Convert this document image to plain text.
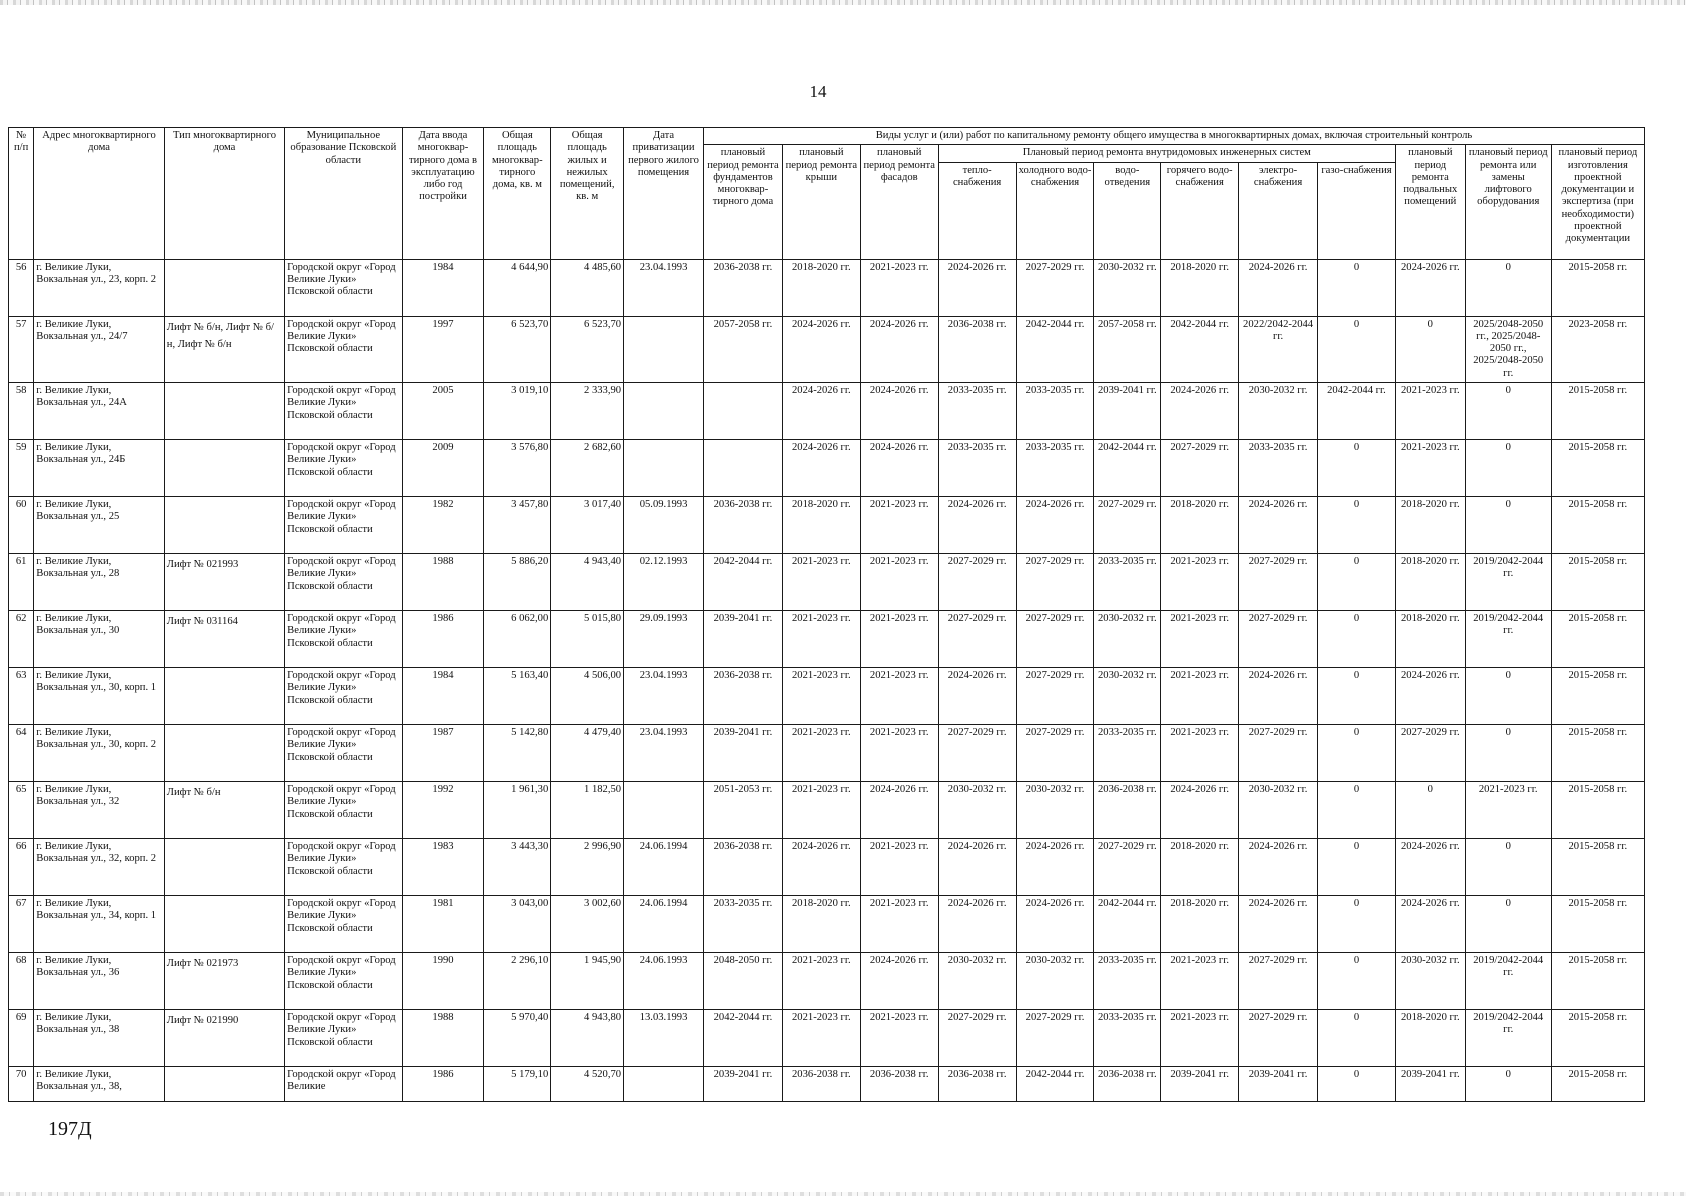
14
№ п/п	Адрес многоквартирного дома	Тип многоквартирного дома	Муниципальное образование Псковской области	Дата ввода многоквар-тирного дома в эксплуатацию либо год постройки	Общая площадь многоквар-тирного дома, кв. м	Общая площадь жилых и нежилых помещений, кв. м	Дата приватизации первого жилого помещения	Виды услуг и (или) работ по капитальному ремонту общего имущества в многоквартирных домах, включая строительный контроль											
								плановый период ремонта фундаментов многоквар-тирного дома	плановый период ремонта крыши	плановый период ремонта фасадов	Плановый период ремонта внутридомовых инженерных систем						плановый период ремонта подвальных помещений	плановый период ремонта или замены лифтового оборудования	плановый период изготовления проектной документации и экспертиза (при необходимости) проектной документации
											тепло-снабжения	холодного водо-снабжения	водо-отведения	горячего водо-снабжения	электро-снабжения	газо-снабжения			
56	г. Великие Луки, Вокзальная ул., 23, корп. 2		Городской округ «Город Великие Луки» Псковской области	1984	4 644,90	4 485,60	23.04.1993	2036-2038 гг.	2018-2020 гг.	2021-2023 гг.	2024-2026 гг.	2027-2029 гг.	2030-2032 гг.	2018-2020 гг.	2024-2026 гг.	0	2024-2026 гг.	0	2015-2058 гг.
57	г. Великие Луки, Вокзальная ул., 24/7	Лифт № б/н, Лифт № б/н, Лифт № б/н	Городской округ «Город Великие Луки» Псковской области	1997	6 523,70	6 523,70		2057-2058 гг.	2024-2026 гг.	2024-2026 гг.	2036-2038 гг.	2042-2044 гг.	2057-2058 гг.	2042-2044 гг.	2022/2042-2044 гг.	0	0	2025/2048-2050 гг., 2025/2048-2050 гг., 2025/2048-2050 гг.	2023-2058 гг.
58	г. Великие Луки, Вокзальная ул., 24А		Городской округ «Город Великие Луки» Псковской области	2005	3 019,10	2 333,90			2024-2026 гг.	2024-2026 гг.	2033-2035 гг.	2033-2035 гг.	2039-2041 гг.	2024-2026 гг.	2030-2032 гг.	2042-2044 гг.	2021-2023 гг.	0	2015-2058 гг.
59	г. Великие Луки, Вокзальная ул., 24Б		Городской округ «Город Великие Луки» Псковской области	2009	3 576,80	2 682,60			2024-2026 гг.	2024-2026 гг.	2033-2035 гг.	2033-2035 гг.	2042-2044 гг.	2027-2029 гг.	2033-2035 гг.	0	2021-2023 гг.	0	2015-2058 гг.
60	г. Великие Луки, Вокзальная ул., 25		Городской округ «Город Великие Луки» Псковской области	1982	3 457,80	3 017,40	05.09.1993	2036-2038 гг.	2018-2020 гг.	2021-2023 гг.	2024-2026 гг.	2024-2026 гг.	2027-2029 гг.	2018-2020 гг.	2024-2026 гг.	0	2018-2020 гг.	0	2015-2058 гг.
61	г. Великие Луки, Вокзальная ул., 28	Лифт № 021993	Городской округ «Город Великие Луки» Псковской области	1988	5 886,20	4 943,40	02.12.1993	2042-2044 гг.	2021-2023 гг.	2021-2023 гг.	2027-2029 гг.	2027-2029 гг.	2033-2035 гг.	2021-2023 гг.	2027-2029 гг.	0	2018-2020 гг.	2019/2042-2044 гг.	2015-2058 гг.
62	г. Великие Луки, Вокзальная ул., 30	Лифт № 031164	Городской округ «Город Великие Луки» Псковской области	1986	6 062,00	5 015,80	29.09.1993	2039-2041 гг.	2021-2023 гг.	2021-2023 гг.	2027-2029 гг.	2027-2029 гг.	2030-2032 гг.	2021-2023 гг.	2027-2029 гг.	0	2018-2020 гг.	2019/2042-2044 гг.	2015-2058 гг.
63	г. Великие Луки, Вокзальная ул., 30, корп. 1		Городской округ «Город Великие Луки» Псковской области	1984	5 163,40	4 506,00	23.04.1993	2036-2038 гг.	2021-2023 гг.	2021-2023 гг.	2024-2026 гг.	2027-2029 гг.	2030-2032 гг.	2021-2023 гг.	2024-2026 гг.	0	2024-2026 гг.	0	2015-2058 гг.
64	г. Великие Луки, Вокзальная ул., 30, корп. 2		Городской округ «Город Великие Луки» Псковской области	1987	5 142,80	4 479,40	23.04.1993	2039-2041 гг.	2021-2023 гг.	2021-2023 гг.	2027-2029 гг.	2027-2029 гг.	2033-2035 гг.	2021-2023 гг.	2027-2029 гг.	0	2027-2029 гг.	0	2015-2058 гг.
65	г. Великие Луки, Вокзальная ул., 32	Лифт № б/н	Городской округ «Город Великие Луки» Псковской области	1992	1 961,30	1 182,50		2051-2053 гг.	2021-2023 гг.	2024-2026 гг.	2030-2032 гг.	2030-2032 гг.	2036-2038 гг.	2024-2026 гг.	2030-2032 гг.	0	0	2021-2023 гг.	2015-2058 гг.
66	г. Великие Луки, Вокзальная ул., 32, корп. 2		Городской округ «Город Великие Луки» Псковской области	1983	3 443,30	2 996,90	24.06.1994	2036-2038 гг.	2024-2026 гг.	2021-2023 гг.	2024-2026 гг.	2024-2026 гг.	2027-2029 гг.	2018-2020 гг.	2024-2026 гг.	0	2024-2026 гг.	0	2015-2058 гг.
67	г. Великие Луки, Вокзальная ул., 34, корп. 1		Городской округ «Город Великие Луки» Псковской области	1981	3 043,00	3 002,60	24.06.1994	2033-2035 гг.	2018-2020 гг.	2021-2023 гг.	2024-2026 гг.	2024-2026 гг.	2042-2044 гг.	2018-2020 гг.	2024-2026 гг.	0	2024-2026 гг.	0	2015-2058 гг.
68	г. Великие Луки, Вокзальная ул., 36	Лифт № 021973	Городской округ «Город Великие Луки» Псковской области	1990	2 296,10	1 945,90	24.06.1993	2048-2050 гг.	2021-2023 гг.	2024-2026 гг.	2030-2032 гг.	2030-2032 гг.	2033-2035 гг.	2021-2023 гг.	2027-2029 гг.	0	2030-2032 гг.	2019/2042-2044 гг.	2015-2058 гг.
69	г. Великие Луки, Вокзальная ул., 38	Лифт № 021990	Городской округ «Город Великие Луки» Псковской области	1988	5 970,40	4 943,80	13.03.1993	2042-2044 гг.	2021-2023 гг.	2021-2023 гг.	2027-2029 гг.	2027-2029 гг.	2033-2035 гг.	2021-2023 гг.	2027-2029 гг.	0	2018-2020 гг.	2019/2042-2044 гг.	2015-2058 гг.
70	г. Великие Луки, Вокзальная ул., 38,		Городской округ «Город Великие	1986	5 179,10	4 520,70		2039-2041 гг.	2036-2038 гг.	2036-2038 гг.	2036-2038 гг.	2042-2044 гг.	2036-2038 гг.	2039-2041 гг.	2039-2041 гг.	0	2039-2041 гг.	0	2015-2058 гг.
197Д
